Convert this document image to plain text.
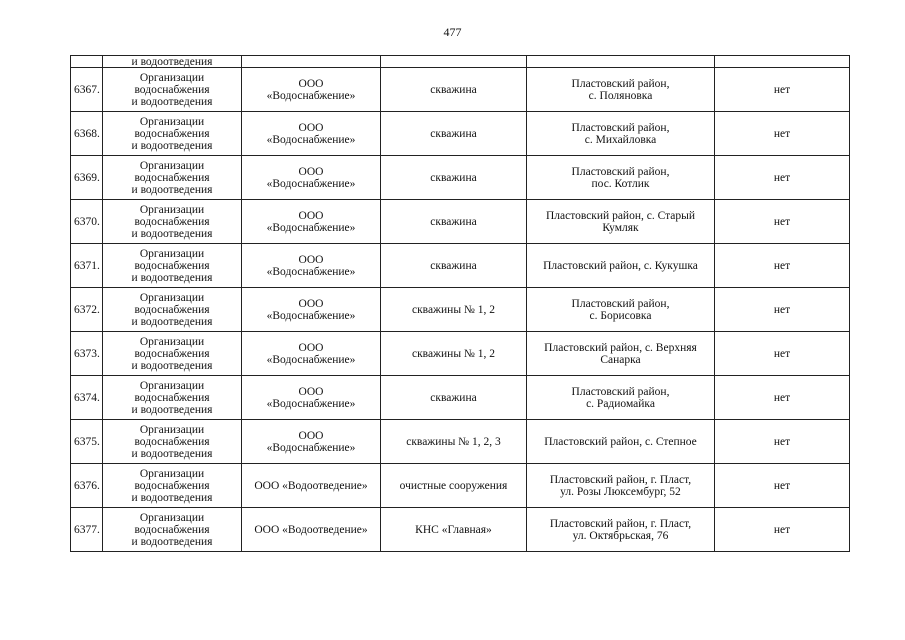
477
	и водоотведения				

6367.	Организации
водоснабжения
и водоотведения	ООО
«Водоснабжение»	скважина	Пластовский район,
с. Поляновка	нет

6368.	Организации
водоснабжения
и водоотведения	ООО
«Водоснабжение»	скважина	Пластовский район,
с. Михайловка	нет

6369.	Организации
водоснабжения
и водоотведения	ООО
«Водоснабжение»	скважина	Пластовский район,
пос. Котлик	нет

6370.	Организации
водоснабжения
и водоотведения	ООО
«Водоснабжение»	скважина	Пластовский район, с. Старый
Кумляк	нет

6371.	Организации
водоснабжения
и водоотведения	ООО
«Водоснабжение»	скважина	Пластовский район, с. Кукушка	нет

6372.	Организации
водоснабжения
и водоотведения	ООО
«Водоснабжение»	скважины № 1, 2	Пластовский район,
с. Борисовка	нет

6373.	Организации
водоснабжения
и водоотведения	ООО
«Водоснабжение»	скважины № 1, 2	Пластовский район, с. Верхняя
Санарка	нет

6374.	Организации
водоснабжения
и водоотведения	ООО
«Водоснабжение»	скважина	Пластовский район,
с. Радиомайка	нет

6375.	Организации
водоснабжения
и водоотведения	ООО
«Водоснабжение»	скважины № 1, 2, 3	Пластовский район, с. Степное	нет

6376.	Организации
водоснабжения
и водоотведения	ООО «Водоотведение»	очистные сооружения	Пластовский район, г. Пласт,
ул. Розы Люксембург, 52	нет

6377.	Организации
водоснабжения
и водоотведения	ООО «Водоотведение»	КНС «Главная»	Пластовский район, г. Пласт,
ул. Октябрьская, 76	нет
